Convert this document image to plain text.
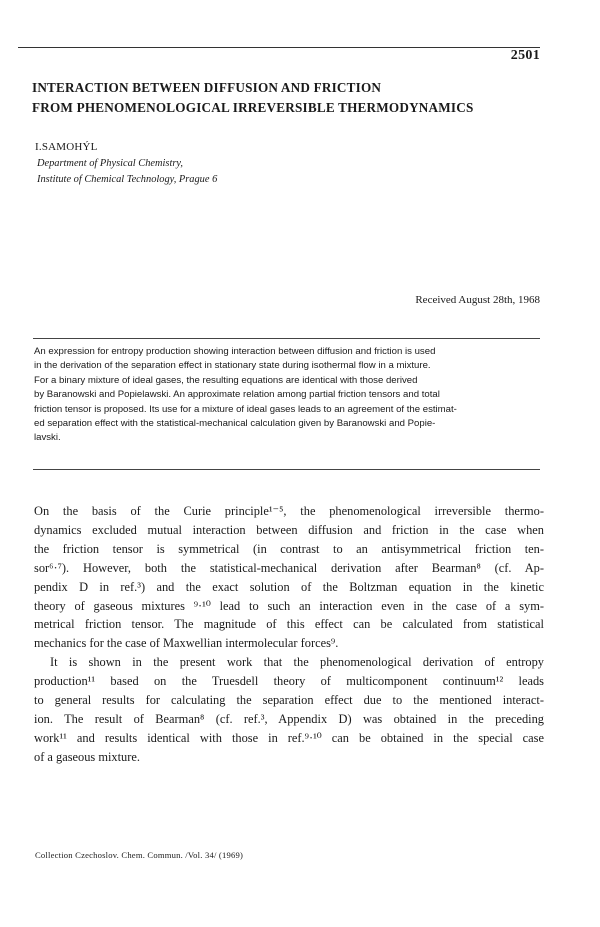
2501
INTERACTION BETWEEN DIFFUSION AND FRICTION
FROM PHENOMENOLOGICAL IRREVERSIBLE THERMODYNAMICS
I.SAMOHÝL
Department of Physical Chemistry,
Institute of Chemical Technology, Prague 6
Received August 28th, 1968
An expression for entropy production showing interaction between diffusion and friction is used
in the derivation of the separation effect in stationary state during isothermal flow in a mixture.
For a binary mixture of ideal gases, the resulting equations are identical with those derived
by Baranowski and Popielawski. An approximate relation among partial friction tensors and total
friction tensor is proposed. Its use for a mixture of ideal gases leads to an agreement of the estimat-
ed separation effect with the statistical-mechanical calculation given by Baranowski and Popie-
lavski.
On the basis of the Curie principle¹⁻⁵, the phenomenological irreversible thermo-
dynamics excluded mutual interaction between diffusion and friction in the case when
the friction tensor is symmetrical (in contrast to an antisymmetrical friction ten-
sor⁶·⁷). However, both the statistical-mechanical derivation after Bearman⁸ (cf. Ap-
pendix D in ref.³) and the exact solution of the Boltzman equation in the kinetic
theory of gaseous mixtures ⁹·¹⁰ lead to such an interaction even in the case of a sym-
metrical friction tensor. The magnitude of this effect can be calculated from statistical
mechanics for the case of Maxwellian intermolecular forces⁹.
It is shown in the present work that the phenomenological derivation of entropy
production¹¹ based on the Truesdell theory of multicomponent continuum¹² leads
to general results for calculating the separation effect due to the mentioned interact-
ion. The result of Bearman⁸ (cf. ref.³, Appendix D) was obtained in the preceding
work¹¹ and results identical with those in ref.⁹·¹⁰ can be obtained in the special case
of a gaseous mixture.
Collection Czechoslov. Chem. Commun. /Vol. 34/ (1969)
